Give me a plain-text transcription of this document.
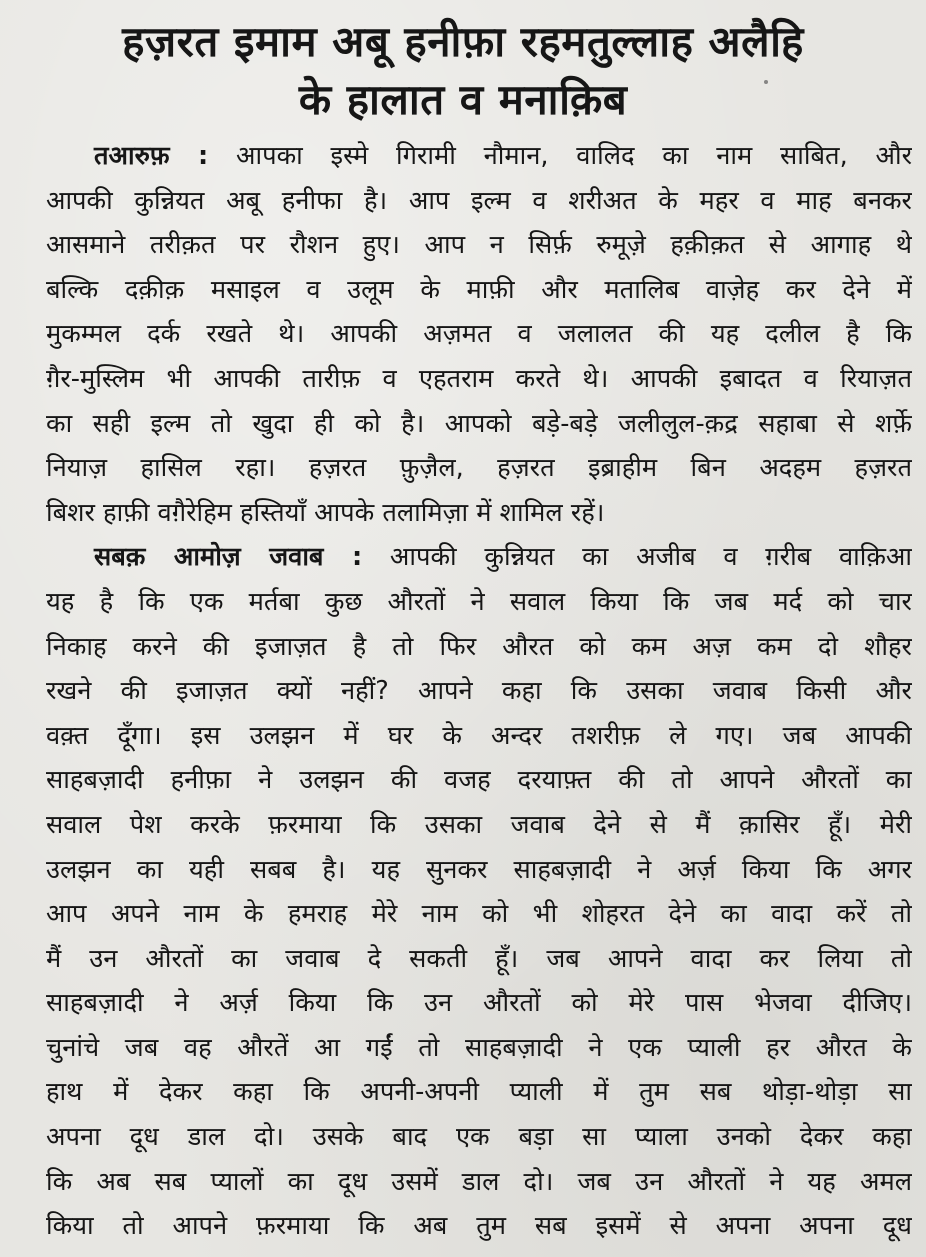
हज़रत इमाम अबू हनीफ़ा रहमतुल्लाह अलैहि
के हालात व मनाक़िब
तआरुफ़ : आपका इस्मे गिरामी नौमान, वालिद का नाम साबित, और
आपकी कुन्नियत अबू हनीफा है। आप इल्म व शरीअत के महर व माह बनकर
आसमाने तरीक़त पर रौशन हुए। आप न सिर्फ़ रुमूज़े हक़ीक़त से आगाह थे
बल्कि दक़ीक़ मसाइल व उलूम के माफ़ी और मतालिब वाज़ेह कर देने में
मुकम्मल दर्क रखते थे। आपकी अज़मत व जलालत की यह दलील है कि
ग़ैर-मुस्लिम भी आपकी तारीफ़ व एहतराम करते थे। आपकी इबादत व रियाज़त
का सही इल्म तो खुदा ही को है। आपको बड़े-बड़े जलीलुल-क़द्र सहाबा से शर्फ़े
नियाज़ हासिल रहा। हज़रत फ़ुज़ैल, हज़रत इब्राहीम बिन अदहम हज़रत
बिशर हाफ़ी वग़ैरेहिम हस्तियाँ आपके तलामिज़ा में शामिल रहें।
सबक़ आमोज़ जवाब : आपकी कुन्नियत का अजीब व ग़रीब वाक़िआ
यह है कि एक मर्तबा कुछ औरतों ने सवाल किया कि जब मर्द को चार
निकाह करने की इजाज़त है तो फिर औरत को कम अज़ कम दो शौहर
रखने की इजाज़त क्यों नहीं? आपने कहा कि उसका जवाब किसी और
वक़्त दूँगा। इस उलझन में घर के अन्दर तशरीफ़ ले गए। जब आपकी
साहबज़ादी हनीफ़ा ने उलझन की वजह दरयाफ़्त की तो आपने औरतों का
सवाल पेश करके फ़रमाया कि उसका जवाब देने से मैं क़ासिर हूँ। मेरी
उलझन का यही सबब है। यह सुनकर साहबज़ादी ने अर्ज़ किया कि अगर
आप अपने नाम के हमराह मेरे नाम को भी शोहरत देने का वादा करें तो
मैं उन औरतों का जवाब दे सकती हूँ। जब आपने वादा कर लिया तो
साहबज़ादी ने अर्ज़ किया कि उन औरतों को मेरे पास भेजवा दीजिए।
चुनांचे जब वह औरतें आ गईं तो साहबज़ादी ने एक प्याली हर औरत के
हाथ में देकर कहा कि अपनी-अपनी प्याली में तुम सब थोड़ा-थोड़ा सा
अपना दूध डाल दो। उसके बाद एक बड़ा सा प्याला उनको देकर कहा
कि अब सब प्यालों का दूध उसमें डाल दो। जब उन औरतों ने यह अमल
किया तो आपने फ़रमाया कि अब तुम सब इसमें से अपना अपना दूध
